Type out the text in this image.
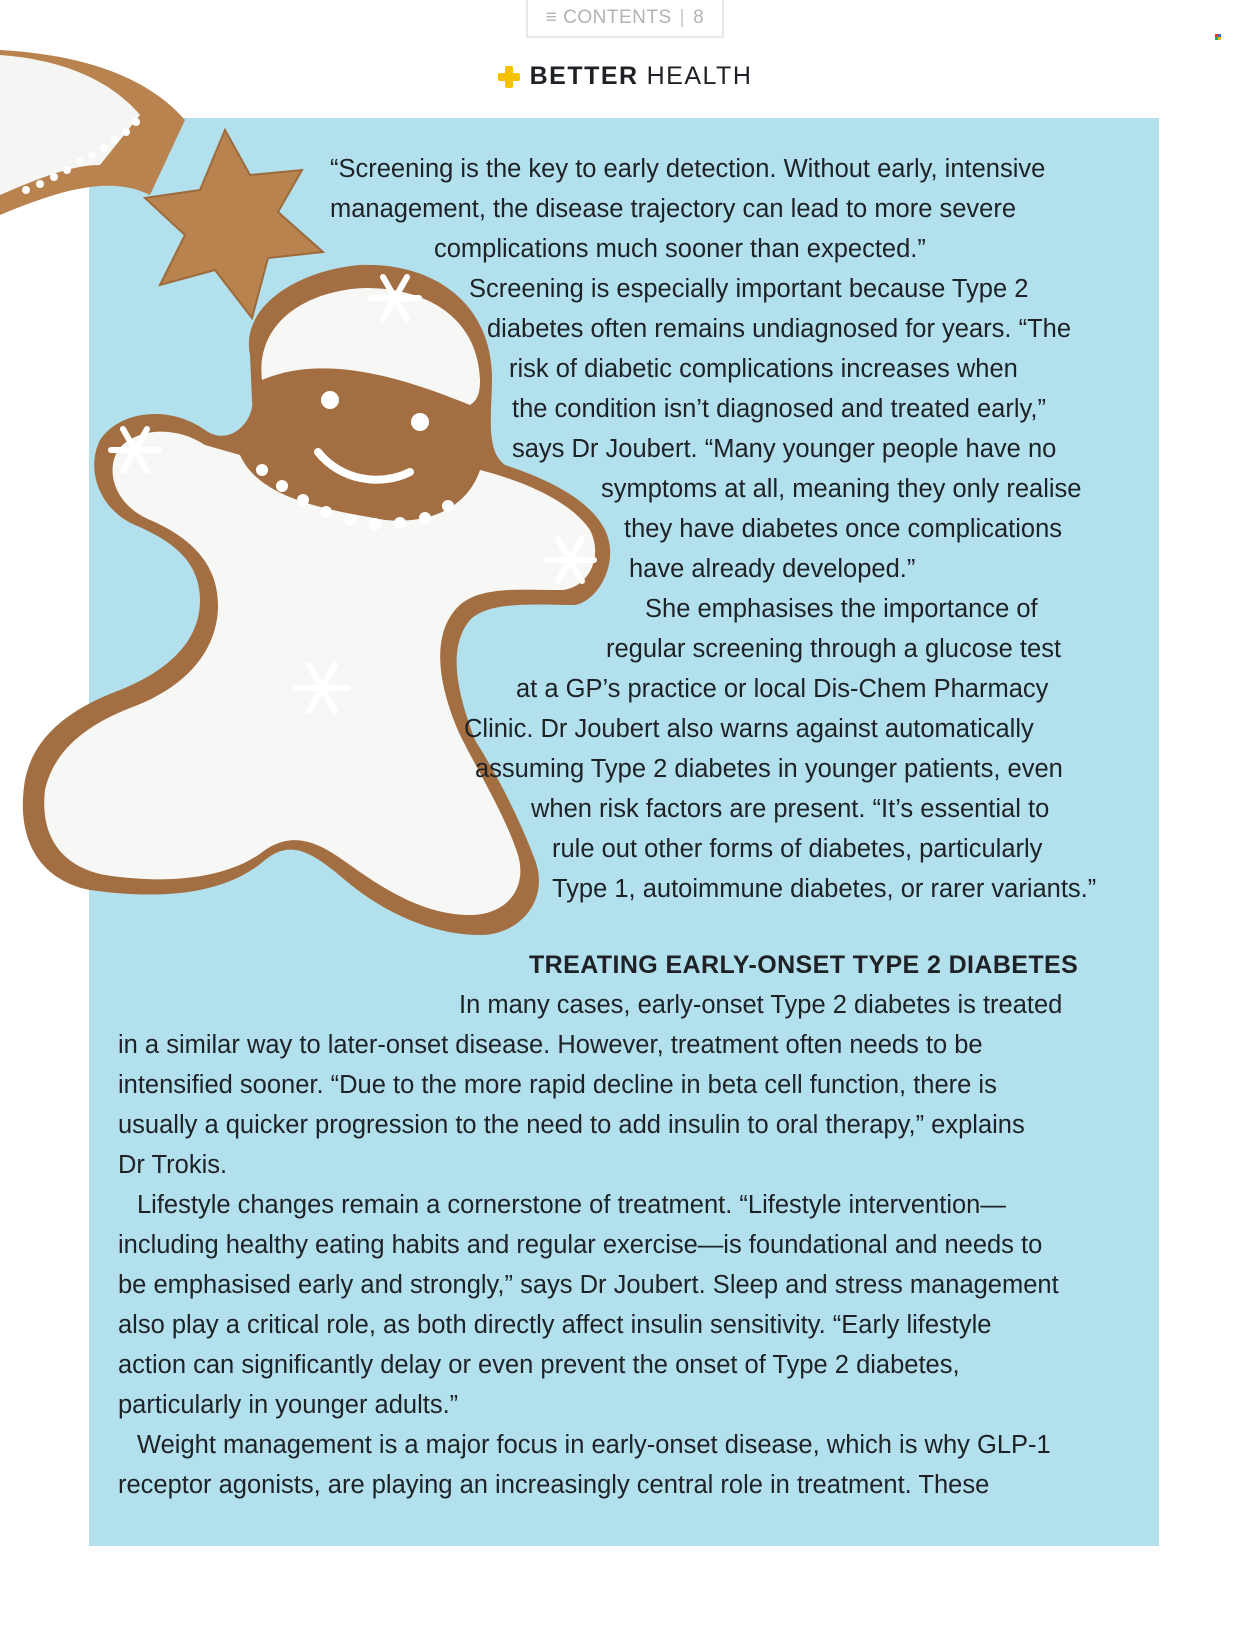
≡
CONTENTS | 8
BETTER HEALTH
“Screening is the key to early detection. Without early, intensive
management, the disease trajectory can lead to more severe
complications much sooner than expected.”
Screening is especially important because Type 2
diabetes often remains undiagnosed for years. “The
risk of diabetic complications increases when
the condition isn’t diagnosed and treated early,”
says Dr Joubert. “Many younger people have no
symptoms at all, meaning they only realise
they have diabetes once complications
have already developed.”
She emphasises the importance of
regular screening through a glucose test
at a GP’s practice or local Dis-Chem Pharmacy
Clinic. Dr Joubert also warns against automatically
assuming Type 2 diabetes in younger patients, even
when risk factors are present. “It’s essential to
rule out other forms of diabetes, particularly
Type 1, autoimmune diabetes, or rarer variants.”
TREATING EARLY-ONSET TYPE 2 DIABETES
In many cases, early-onset Type 2 diabetes is treated
in a similar way to later-onset disease. However, treatment often needs to be
intensified sooner. “Due to the more rapid decline in beta cell function, there is
usually a quicker progression to the need to add insulin to oral therapy,” explains
Dr Trokis.
Lifestyle changes remain a cornerstone of treatment. “Lifestyle intervention—
including healthy eating habits and regular exercise—is foundational and needs to
be emphasised early and strongly,” says Dr Joubert. Sleep and stress management
also play a critical role, as both directly affect insulin sensitivity. “Early lifestyle
action can significantly delay or even prevent the onset of Type 2 diabetes,
particularly in younger adults.”
Weight management is a major focus in early-onset disease, which is why GLP-1
receptor agonists, are playing an increasingly central role in treatment. These
